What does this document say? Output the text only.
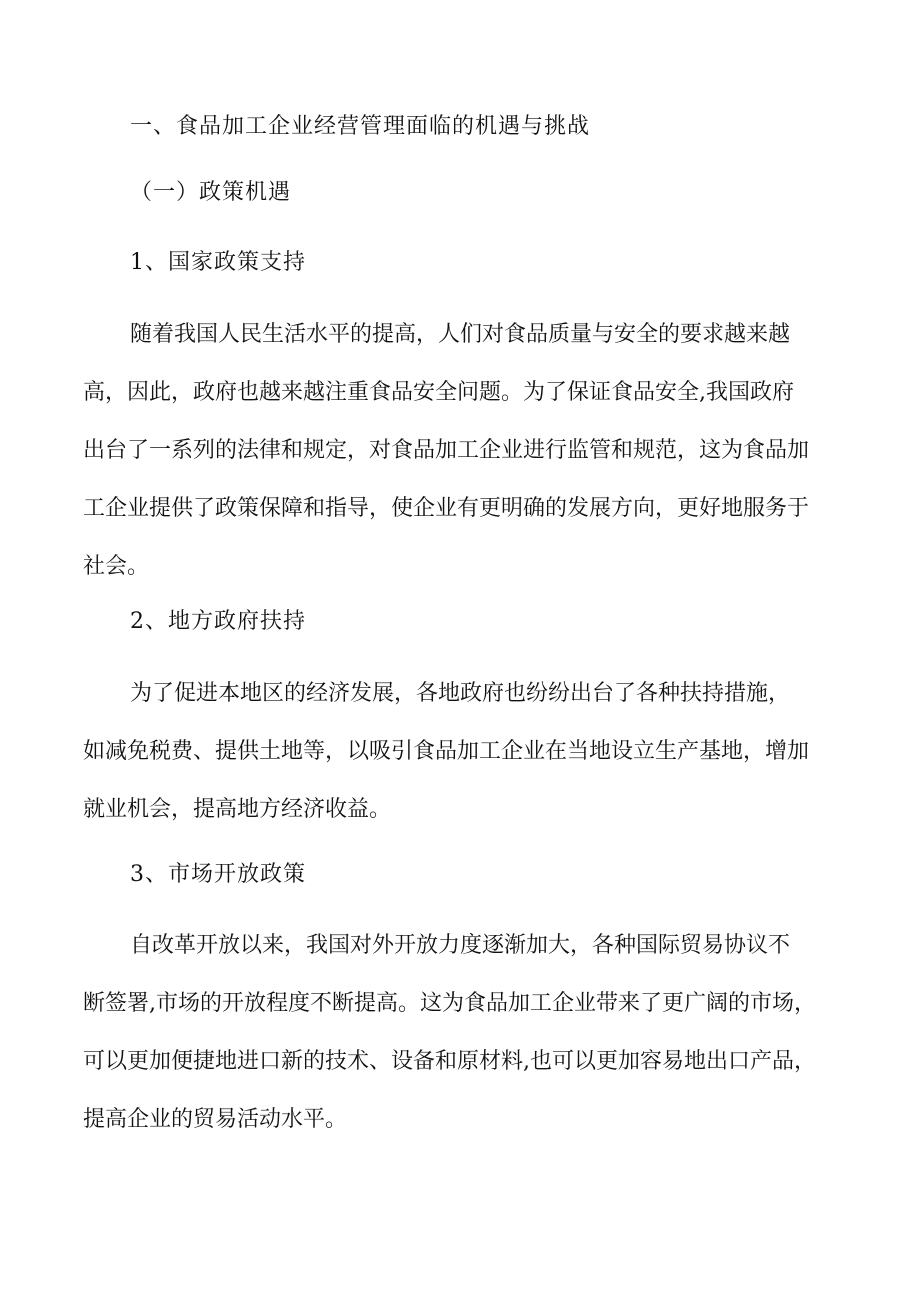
一、食品加工企业经营管理面临的机遇与挑战
（一）政策机遇
1、国家政策支持
随着我国人民生活水平的提高，人们对食品质量与安全的要求越来越
高，因此，政府也越来越注重食品安全问题。为了保证食品安全,我国政府
出台了一系列的法律和规定，对食品加工企业进行监管和规范，这为食品加
工企业提供了政策保障和指导，使企业有更明确的发展方向，更好地服务于
社会。
2、地方政府扶持
为了促进本地区的经济发展，各地政府也纷纷出台了各种扶持措施，
如减免税费、提供土地等，以吸引食品加工企业在当地设立生产基地，增加
就业机会，提高地方经济收益。
3、市场开放政策
自改革开放以来，我国对外开放力度逐渐加大，各种国际贸易协议不
断签署,市场的开放程度不断提高。这为食品加工企业带来了更广阔的市场，
可以更加便捷地进口新的技术、设备和原材料,也可以更加容易地出口产品，
提高企业的贸易活动水平。
